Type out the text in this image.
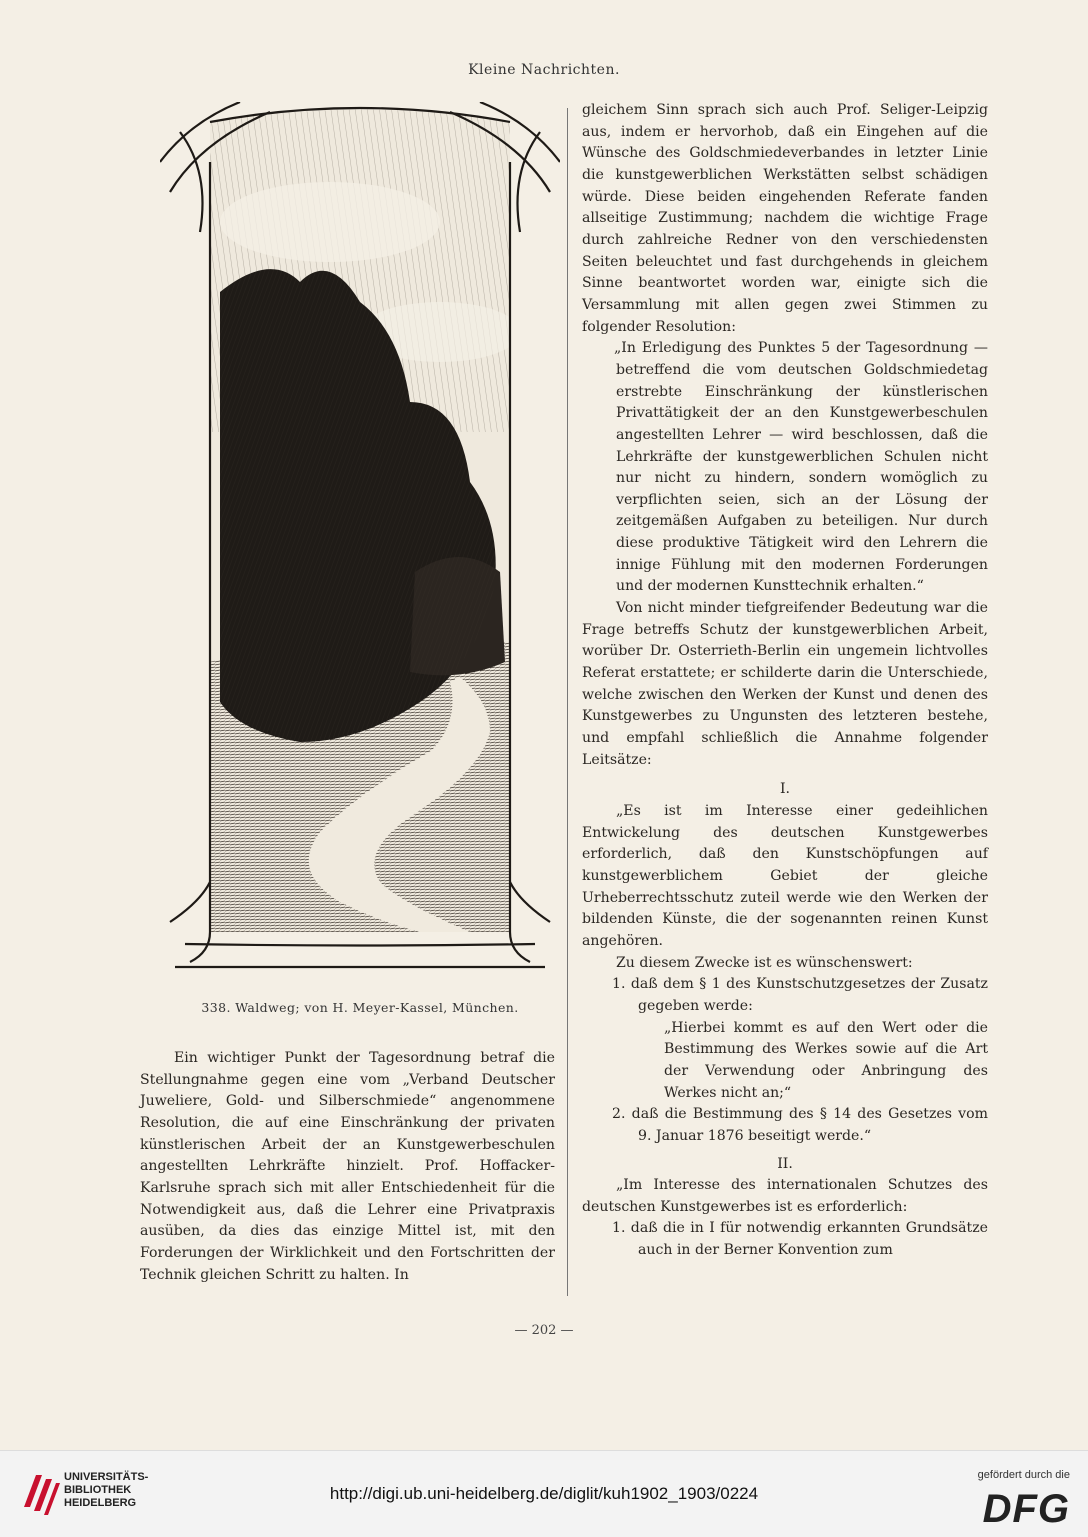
Kleine Nachrichten.
338. Waldweg; von H. Meyer-Kassel, München.

Ein wichtiger Punkt der Tagesordnung betraf die Stellungnahme gegen eine vom „Verband Deutscher Juweliere, Gold- und Silberschmiede“ angenommene Resolution, die auf eine Einschränkung der privaten künstlerischen Arbeit der an Kunstgewerbeschulen angestellten Lehrkräfte hinzielt. Prof. Hoffacker-Karlsruhe sprach sich mit aller Entschiedenheit für die Notwendigkeit aus, daß die Lehrer eine Privatpraxis ausüben, da dies das einzige Mittel ist, mit den Forderungen der Wirklichkeit und den Fortschritten der Technik gleichen Schritt zu halten. In

gleichem Sinn sprach sich auch Prof. Seliger-Leipzig aus, indem er hervorhob, daß ein Eingehen auf die Wünsche des Goldschmiedeverbandes in letzter Linie die kunstgewerblichen Werkstätten selbst schädigen würde. Diese beiden eingehenden Referate fanden allseitige Zustimmung; nachdem die wichtige Frage durch zahlreiche Redner von den verschiedensten Seiten beleuchtet und fast durchgehends in gleichem Sinne beantwortet worden war, einigte sich die Versammlung mit allen gegen zwei Stimmen zu folgender Resolution:

„In Erledigung des Punktes 5 der Tagesordnung — betreffend die vom deutschen Goldschmiedetag erstrebte Einschränkung der künstlerischen Privattätigkeit der an den Kunstgewerbeschulen angestellten Lehrer — wird beschlossen, daß die Lehrkräfte der kunstgewerblichen Schulen nicht nur nicht zu hindern, sondern womöglich zu verpflichten seien, sich an der Lösung der zeitgemäßen Aufgaben zu beteiligen. Nur durch diese produktive Tätigkeit wird den Lehrern die innige Fühlung mit den modernen Forderungen und der modernen Kunsttechnik erhalten.“

Von nicht minder tiefgreifender Bedeutung war die Frage betreffs Schutz der kunstgewerblichen Arbeit, worüber Dr. Osterrieth-Berlin ein ungemein lichtvolles Referat erstattete; er schilderte darin die Unterschiede, welche zwischen den Werken der Kunst und denen des Kunstgewerbes zu Ungunsten des letzteren bestehe, und empfahl schließlich die Annahme folgender Leitsätze:

I.

„Es ist im Interesse einer gedeihlichen Entwickelung des deutschen Kunstgewerbes erforderlich, daß den Kunstschöpfungen auf kunstgewerblichem Gebiet der gleiche Urheberrechtsschutz zuteil werde wie den Werken der bildenden Künste, die der sogenannten reinen Kunst angehören.

Zu diesem Zwecke ist es wünschenswert:

1. daß dem § 1 des Kunstschutzgesetzes der Zusatz gegeben werde:

„Hierbei kommt es auf den Wert oder die Bestimmung des Werkes sowie auf die Art der Verwendung oder Anbringung des Werkes nicht an;“

2. daß die Bestimmung des § 14 des Gesetzes vom 9. Januar 1876 beseitigt werde.“

II.

„Im Interesse des internationalen Schutzes des deutschen Kunstgewerbes ist es erforderlich:

1. daß die in I für notwendig erkannten Grundsätze auch in der Berner Konvention zum

— 202 —
UNIVERSITÄTS-
BIBLIOTHEK
HEIDELBERG	http://digi.ub.uni-heidelberg.de/diglit/kuh1902_1903/0224
gefördert durch die
DFG
